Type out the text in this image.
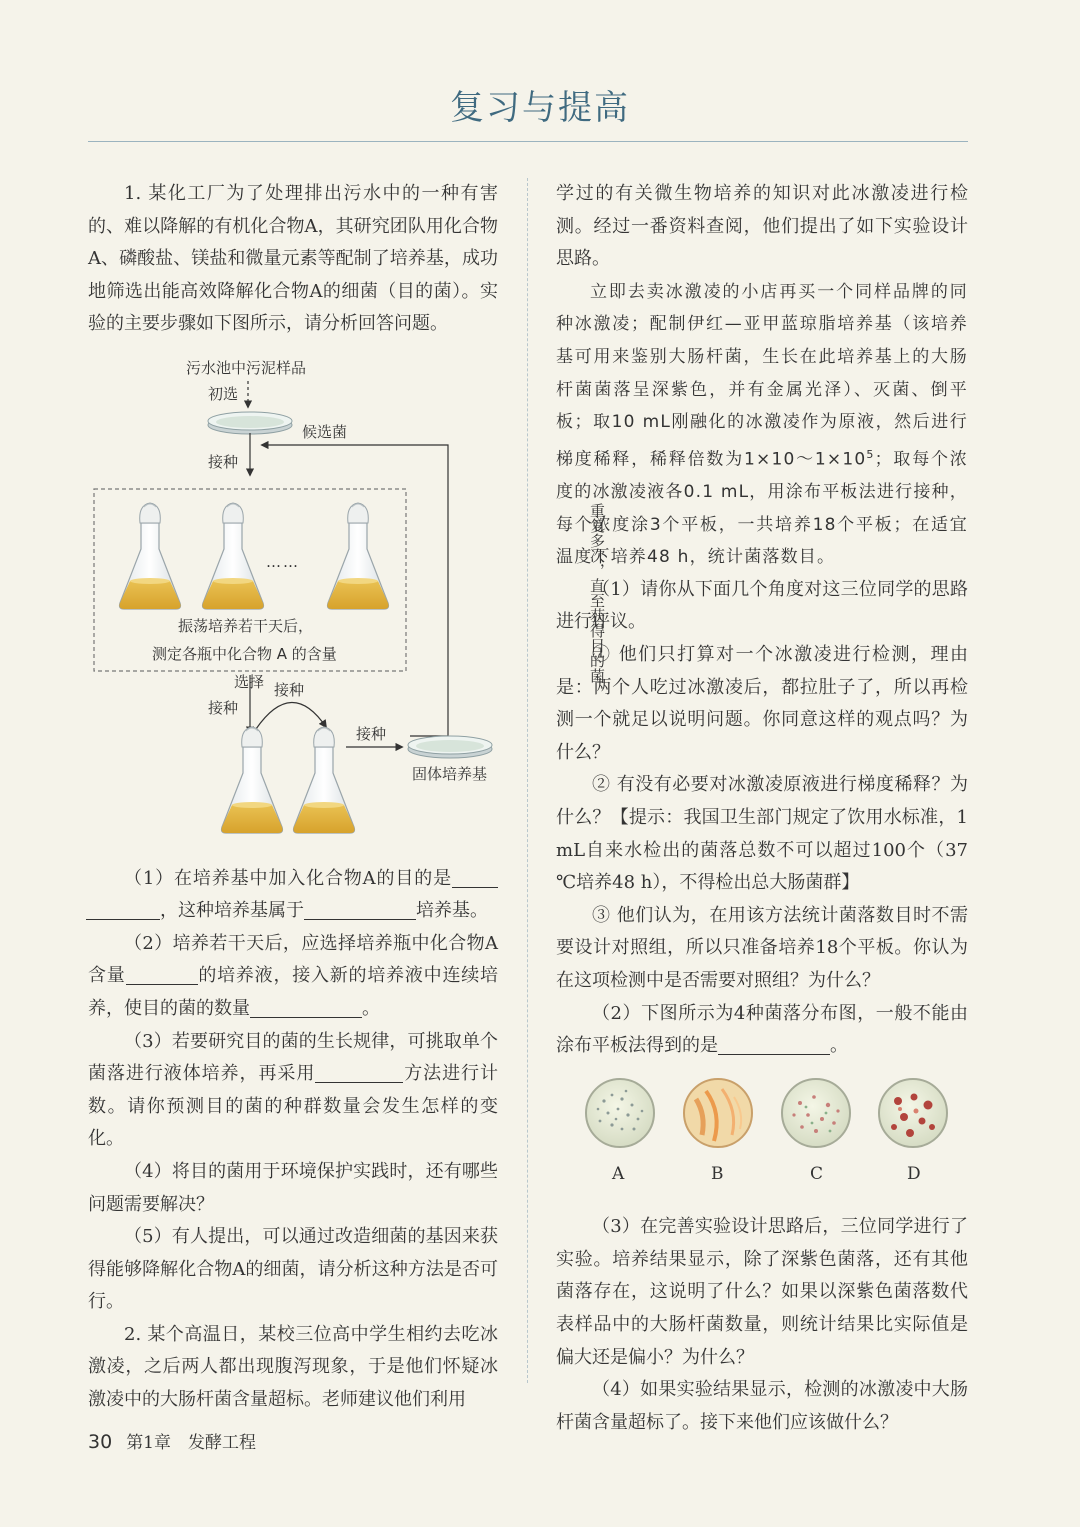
复习与提高

1. 某化工厂为了处理排出污水中的一种有害的、难以降解的有机化合物A，其研究团队用化合物A、磷酸盐、镁盐和微量元素等配制了培养基，成功地筛选出能高效降解化合物A的细菌（目的菌）。实验的主要步骤如下图所示，请分析回答问题。

污水池中污泥样品
初选
候选菌
接种
重复多次，直至获得目的菌
……
振荡培养若干天后，
测定各瓶中化合物 A 的含量
选择
接种
接种
接种
固体培养基

（1）在培养基中加入化合物A的目的是，这种培养基属于	培养基。

（2）培养若干天后，应选择培养瓶中化合物A含量	的培养液，接入新的培养液中连续培养，使目的菌的数量	。

（3）若要研究目的菌的生长规律，可挑取单个菌落进行液体培养，再采用	方法进行计数。请你预测目的菌的种群数量会发生怎样的变化。

（4）将目的菌用于环境保护实践时，还有哪些问题需要解决？

（5）有人提出，可以通过改造细菌的基因来获得能够降解化合物A的细菌，请分析这种方法是否可行。

2. 某个高温日，某校三位高中学生相约去吃冰激凌，之后两人都出现腹泻现象，于是他们怀疑冰激凌中的大肠杆菌含量超标。老师建议他们利用

学过的有关微生物培养的知识对此冰激凌进行检测。经过一番资料查阅，他们提出了如下实验设计思路。

立即去卖冰激凌的小店再买一个同样品牌的同种冰激凌；配制伊红—亚甲蓝琼脂培养基（该培养基可用来鉴别大肠杆菌，生长在此培养基上的大肠杆菌菌落呈深紫色，并有金属光泽）、灭菌、倒平板；取10 mL刚融化的冰激凌作为原液，然后进行梯度稀释，稀释倍数为$1\times 10\sim 1\times 10^5$；取每个浓度的冰激凌液各0.1 mL，用涂布平板法进行接种，每个浓度涂3个平板，一共培养18个平板；在适宜温度下培养48 h，统计菌落数目。

（1）请你从下面几个角度对这三位同学的思路进行评议。

① 他们只打算对一个冰激凌进行检测，理由是：两个人吃过冰激凌后，都拉肚子了，所以再检测一个就足以说明问题。你同意这样的观点吗？为什么？

② 有没有必要对冰激凌原液进行梯度稀释？为什么？【提示：我国卫生部门规定了饮用水标准，1 mL自来水检出的菌落总数不可以超过100个（37 ℃培养48 h），不得检出总大肠菌群】

③ 他们认为，在用该方法统计菌落数目时不需要设计对照组，所以只准备培养18个平板。你认为在这项检测中是否需要对照组？为什么？

（2）下图所示为4种菌落分布图，一般不能由涂布平板法得到的是	。

A	B	C	D

（3）在完善实验设计思路后，三位同学进行了实验。培养结果显示，除了深紫色菌落，还有其他菌落存在，这说明了什么？如果以深紫色菌落数代表样品中的大肠杆菌数量，则统计结果比实际值是偏大还是偏小？为什么？

（4）如果实验结果显示，检测的冰激凌中大肠杆菌含量超标了。接下来他们应该做什么？

30 第1章　发酵工程
